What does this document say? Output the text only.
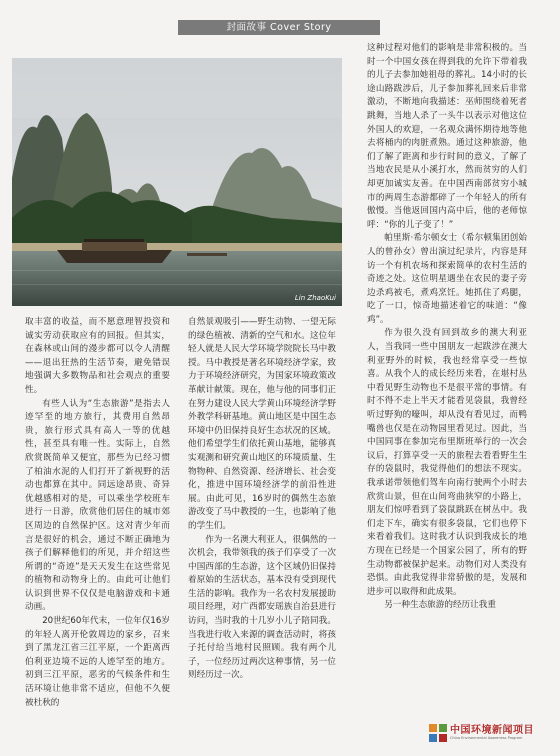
封面故事 Cover Story
Lin ZhaoKui

取丰富的收益，而不愿意理智投资和诚实劳动获取应有的回报。但其实，在森林或山间的漫步都可以令人清醒——退出狂热的生活节奏，避免错误地强调大多数物品和社会观点的重要性。

有些人认为“生态旅游”是指去人迹罕至的地方旅行，其费用自然昂贵，旅行形式具有高人一等的优越性，甚至具有唯一性。实际上，自然欣赏既简单又便宜，那些为已经习惯了柏油水泥的人们打开了新视野的活动也都算在其中。同远途昂贵、奇异优越感相对的是，可以乘坐学校班车进行一日游，欣赏他们居住的城市郊区周边的自然保护区。这对青少年而言是很好的机会，通过不断正确地为孩子们解释他们的所见，并介绍这些所谓的“奇迹”是天天发生在这些常见的植物和动物身上的。由此可让他们认识到世界不仅仅是电脑游戏和卡通动画。

20世纪60年代末，一位年仅16岁的年轻人离开伦敦周边的家乡，召来到了黑龙江省三江平原，一个距离西伯利亚边境不远的人迹罕至的地方。初到三江平原，恶劣的气候条件和生活环境让他非常不适应，但他不久便被杜秋的

自然景观吸引——野生动物、一望无际的绿色植被、清新的空气和水。这位年轻人就是人民大学环境学院院长马中教授。马中教授是著名环境经济学家，致力于环境经济研究，为国家环境政策改革献计献策。现在，他与他的同事们正在努力建设人民大学黄山环境经济学野外教学科研基地。黄山地区是中国生态环境中仍旧保持良好生态状况的区域。他们希望学生们依托黄山基地，能够真实观测和研究黄山地区的环境质量、生物物种、自然资源、经济增长、社会变化，推进中国环境经济学的前沿性进展。由此可见，16岁时的偶然生态旅游改变了马中教授的一生，也影响了他的学生们。

作为一名澳大利亚人，很偶然的一次机会，我带领我的孩子们享受了一次中国西部的生态游，这个区域仍旧保持着原始的生活状态，基本没有受到现代生活的影响。我作为一名农村发展援助项目经理，对广西都安瑶族自治县进行访问，当时我的十几岁小儿子陪同我。当我进行收入来源的调查活动时，将孩子托付给当地村民照顾。我有两个儿子，一位经历过两次这种事情，另一位则经历过一次。

这种过程对他们的影响是非常积极的。当时一个中国女孩在得到我的允许下带着我的儿子去参加她祖母的葬礼。14小时的长途山路跋涉后，儿子参加葬礼回来后非常激动，不断地向我描述：巫师围绕着死者跳舞，当地人杀了一头牛以表示对他这位外国人的欢迎，一名观众满怀期待地等他去将桶内的肉脏煮熟。通过这种旅游，他们了解了距离和步行时间的意义，了解了当地农民是从小溪打水，然而贫穷的人们却更加诚实友善。在中国西南部贫穷小城市的两周生态游都碎了一个年轻人的所有傲慢。当他返回国内高中后，他的老师惊呼：“你的儿子变了！”

帕里斯·希尔顿女士（希尔顿集团创始人的曾孙女）曾出演过纪录片，内容是拜访一个有机农场和探索简单的农村生活的奇迹之处。这位明星遇坐在农民的妻子旁边杀鸡被毛，煮鸡烹饪。她抓住了鸡腿，吃了一口，惊奇地描述着它的味道：“像鸡”。

作为很久没有回到故乡的澳大利亚人，当我同一些中国朋友一起跋涉在澳大利亚野外的时候，我也经常享受一些惊喜。从我个人的成长经历来看，在堪村丛中看见野生动物也不是很平常的事情。有时不得不走上半天才能看见袋鼠，我曾经听过野狗的嚎叫，却从没有看见过，而鸭嘴兽也仅是在动物园里看见过。因此，当中国同事在参加完布里斯班举行的一次会议后，打算享受一天的旅程去看看野生生存的袋鼠时，我觉得他们的想法不现实。我承诺带领他们驾车向南行驶两个小时去欣赏山景，但在山间弯曲狭窄的小路上，朋友们惊呼看到了袋鼠跳跃在树丛中。我们走下车，确实有很多袋鼠，它们也停下来看着我们。这时我才认识到我成长的地方现在已经是一个国家公园了，所有的野生动物都被保护起来。动物们对人类没有恐惧。由此我觉得非常骄傲的是，发展和进步可以取得和此成果。

另一种生态旅游的经历让我重

中国环境新闻项目
China Environmental Awareness Program
